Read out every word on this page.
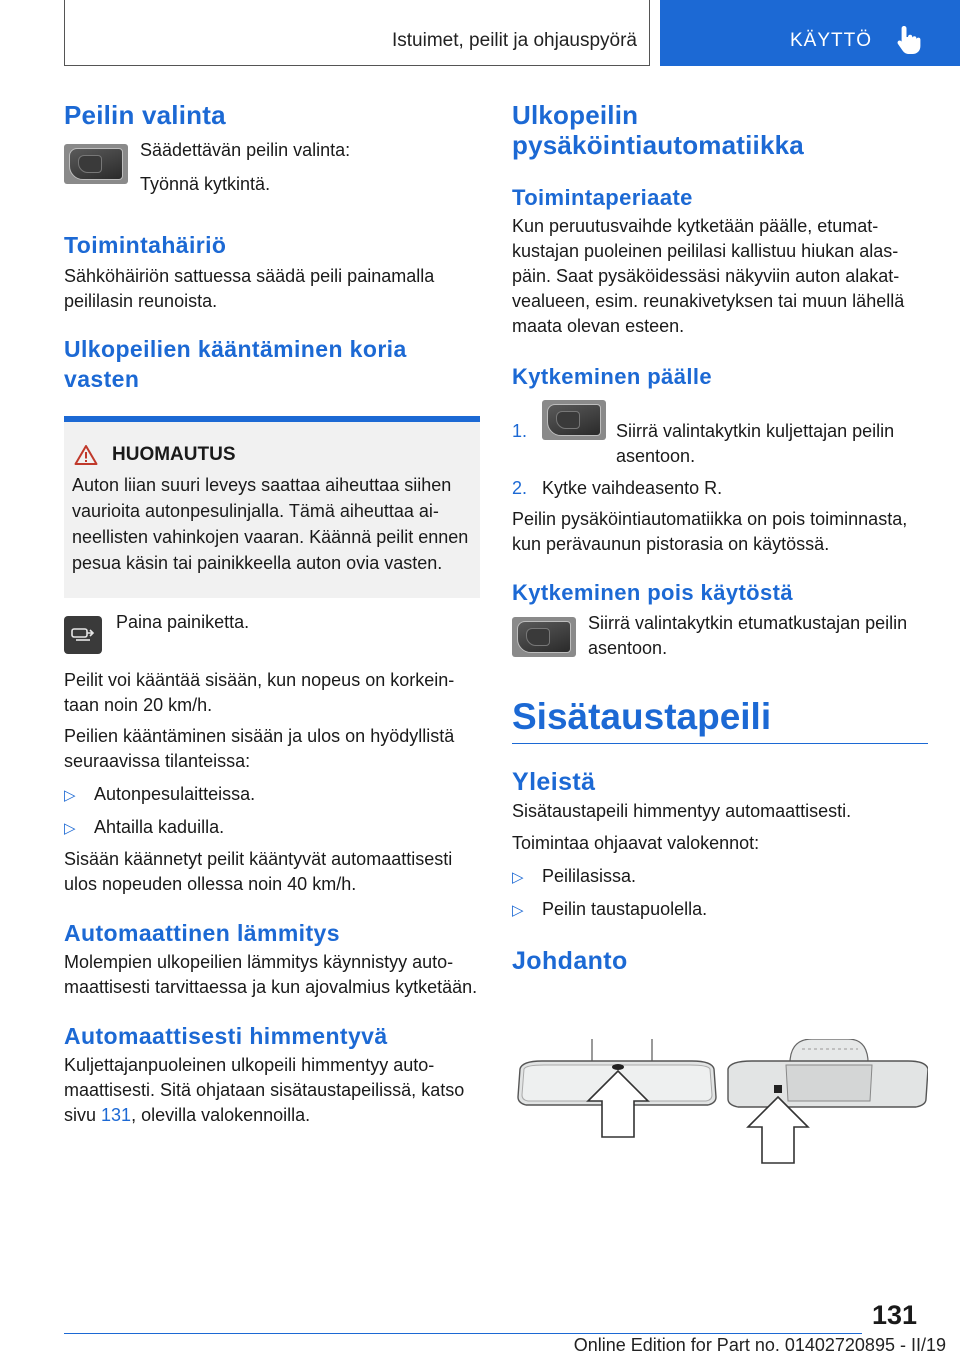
Istuimet, peilit ja ohjauspyörä	KÄYTTÖ
Peilin valinta

Säädettävän peilin valinta:

Työnnä kytkintä.

Toimintahäiriö

Sähköhäiriön sattuessa säädä peili painamalla peililasin reunoista.

Ulkopeilien kääntäminen koria vasten
HUOMAUTUS

Auton liian suuri leveys saattaa aiheuttaa siihen vaurioita autonpesulinjalla. Tämä aiheuttaa aineellisten vahinkojen vaaran. Käännä peilit ennen pesua käsin tai painikkeella auton ovia vasten.

Paina painiketta.

Peilit voi kääntää sisään, kun nopeus on korkeintaan noin 20 km/h.

Peilien kääntäminen sisään ja ulos on hyödyllistä seuraavissa tilanteissa:

▷	Autonpesulaitteissa.
▷	Ahtailla kaduilla.

Sisään käännetyt peilit kääntyvät automaattisesti ulos nopeuden ollessa noin 40 km/h.

Automaattinen lämmitys

Molempien ulkopeilien lämmitys käynnistyy automaattisesti tarvittaessa ja kun ajovalmius kytketään.

Automaattisesti himmentyvä

Kuljettajanpuoleinen ulkopeili himmentyy automaattisesti. Sitä ohjataan sisätaustapeilissä, katso sivu 131, olevilla valokennoilla.

Ulkopeilin pysäköintiautomatiikka
Toimintaperiaate

Kun peruutusvaihde kytketään päälle, etumatkustajan puoleinen peililasi kallistuu hiukan alaspäin. Saat pysäköidessäsi näkyviin auton alakatvealueen, esim. reunakivetyksen tai muun lähellä maata olevan esteen.

Kytkeminen päälle
1.	Siirrä valintakytkin kuljettajan peilin asentoon.
2. Kytke vaihdeasento R.

Peilin pysäköintiautomatiikka on pois toiminnasta, kun perävaunun pistorasia on käytössä.

Kytkeminen pois käytöstä

Siirrä valintakytkin etumatkustajan peilin asentoon.

Sisätaustapeili
Yleistä

Sisätaustapeili himmentyy automaattisesti.

Toimintaa ohjaavat valokennot:

▷	Peililasissa.
▷	Peilin taustapuolella.
Johdanto
131
Online Edition for Part no. 01402720895 - II/19
